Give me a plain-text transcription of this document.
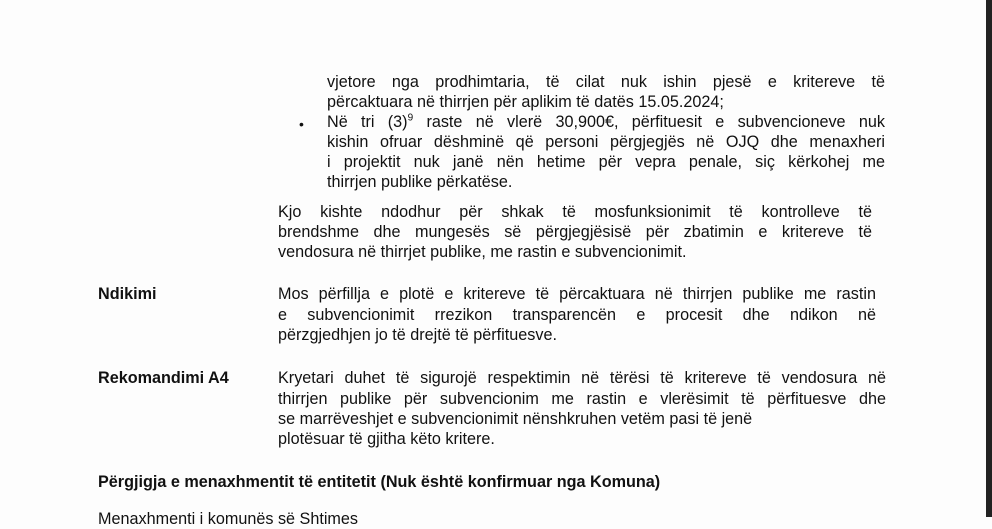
vjetore nga prodhimtaria, të cilat nuk ishin pjesë e kritereve të
përcaktuara në thirrjen për aplikim të datës 15.05.2024;
• Në tri $(3)^9$ raste në vlerë 30,900€, përfituesit e subvencioneve nuk
kishin ofruar dëshminë që personi përgjegjës në OJQ dhe menaxheri
i projektit nuk janë nën hetime për vepra penale, siç kërkohej me
thirrjen publike përkatëse.
Kjo kishte ndodhur për shkak të mosfunksionimit të kontrolleve të
brendshme dhe mungesës së përgjegjësisë për zbatimin e kritereve të
vendosura në thirrjet publike, me rastin e subvencionimit.
Ndikimi	Mos përfillja e plotë e kritereve të përcaktuara në thirrjen publike me rastin
e subvencionimit rrezikon transparencën e procesit dhe ndikon në
përzgjedhjen jo të drejtë të përfituesve.
Rekomandimi A4	Kryetari duhet të sigurojë respektimin në tërësi të kritereve të vendosura në
thirrjen publike për subvencionim me rastin e vlerësimit të përfituesve dhe
se marrëveshjet e subvencionimit nënshkruhen vetëm pasi të jenë
plotësuar të gjitha këto kritere.
Përgjigja e menaxhmentit të entitetit (Nuk është konfirmuar nga Komuna)
Menaxhmenti i komunës së Shtimes
